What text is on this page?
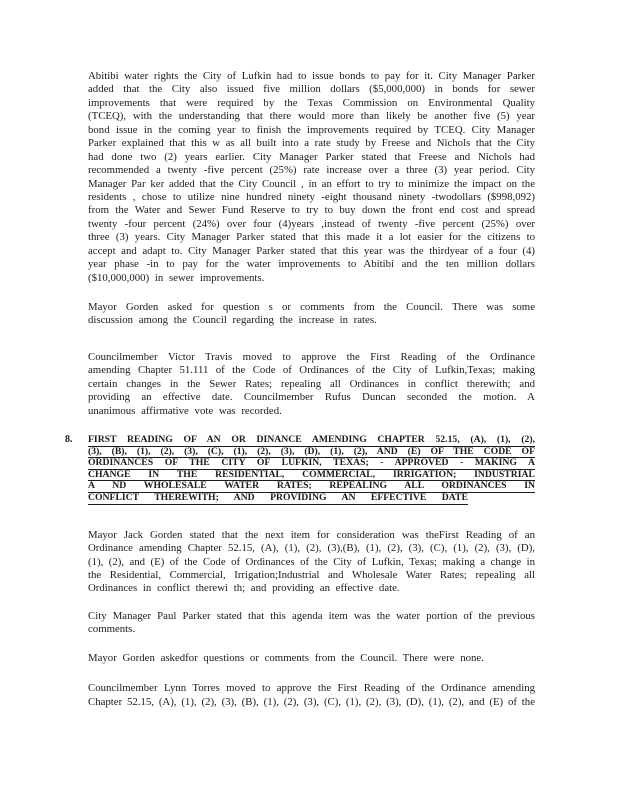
Abitibi water rights the City of Lufkin had to issue bonds to pay for it. City Manager Parker
added that the City also issued five million dollars ($5,000,000) in bonds for sewer
improvements that were required by the Texas Commission on Environmental Quality
(TCEQ), with the understanding that there would more than likely be another five (5) year
bond issue in the coming year to finish the improvements required by TCEQ. City Manager
Parker explained that this w as all built into a rate study by Freese and Nichols that the City
had done two (2) years earlier. City Manager Parker stated that Freese and Nichols had
recommended a twenty -five percent (25%) rate increase over a three (3) year period. City
Manager Par ker added that the City Council , in an effort to try to minimize the impact on the
residents , chose to utilize nine hundred ninety -eight thousand ninety -twodollars ($998,092)
from the Water and Sewer Fund Reserve to try to buy down the front end cost and spread
twenty -four percent (24%) over four (4)years ,instead of twenty -five percent (25%) over
three (3) years. City Manager Parker stated that this made it a lot easier for the citizens to
accept and adapt to. City Manager Parker stated that this year was the thirdyear of a four (4)
year phase -in to pay for the water improvements to Abitibi and the ten million dollars
($10,000,000) in sewer improvements.
Mayor Gorden asked for question s or comments from the Council. There was some
discussion among the Council regarding the increase in rates.
Councilmember Victor Travis moved to approve the First Reading of the Ordinance
amending Chapter 51.111 of the Code of Ordinances of the City of Lufkin,Texas; making
certain changes in the Sewer Rates; repealing all Ordinances in conflict therewith; and
providing an effective date. Councilmember Rufus Duncan seconded the motion. A
unanimous affirmative vote was recorded.
8. FIRST READING OF AN OR DINANCE AMENDING CHAPTER 52.15, (A), (1), (2),
(3), (B), (1), (2), (3), (C), (1), (2), (3), (D), (1), (2), AND (E) OF THE CODE OF
ORDINANCES OF THE CITY OF LUFKIN, TEXAS; - APPROVED - MAKING A
CHANGE IN THE RESIDENTIAL, COMMERCIAL, IRRIGATION; INDUSTRIAL
A ND WHOLESALE WATER RATES; REPEALING ALL ORDINANCES IN
CONFLICT THEREWITH; AND PROVIDING AN EFFECTIVE DATE
Mayor Jack Gorden stated that the next item for consideration was theFirst Reading of an
Ordinance amending Chapter 52.15, (A), (1), (2), (3),(B), (1), (2), (3), (C), (1), (2), (3), (D),
(1), (2), and (E) of the Code of Ordinances of the City of Lufkin, Texas; making a change in
the Residential, Commercial, Irrigation;Industrial and Wholesale Water Rates; repealing all
Ordinances in conflict therewi th; and providing an effective date.
City Manager Paul Parker stated that this agenda item was the water portion of the previous
comments.
Mayor Gorden askedfor questions or comments from the Council. There were none.
Councilmember Lynn Torres moved to approve the First Reading of the Ordinance amending
Chapter 52.15, (A), (1), (2), (3), (B), (1), (2), (3), (C), (1), (2), (3), (D), (1), (2), and (E) of the
